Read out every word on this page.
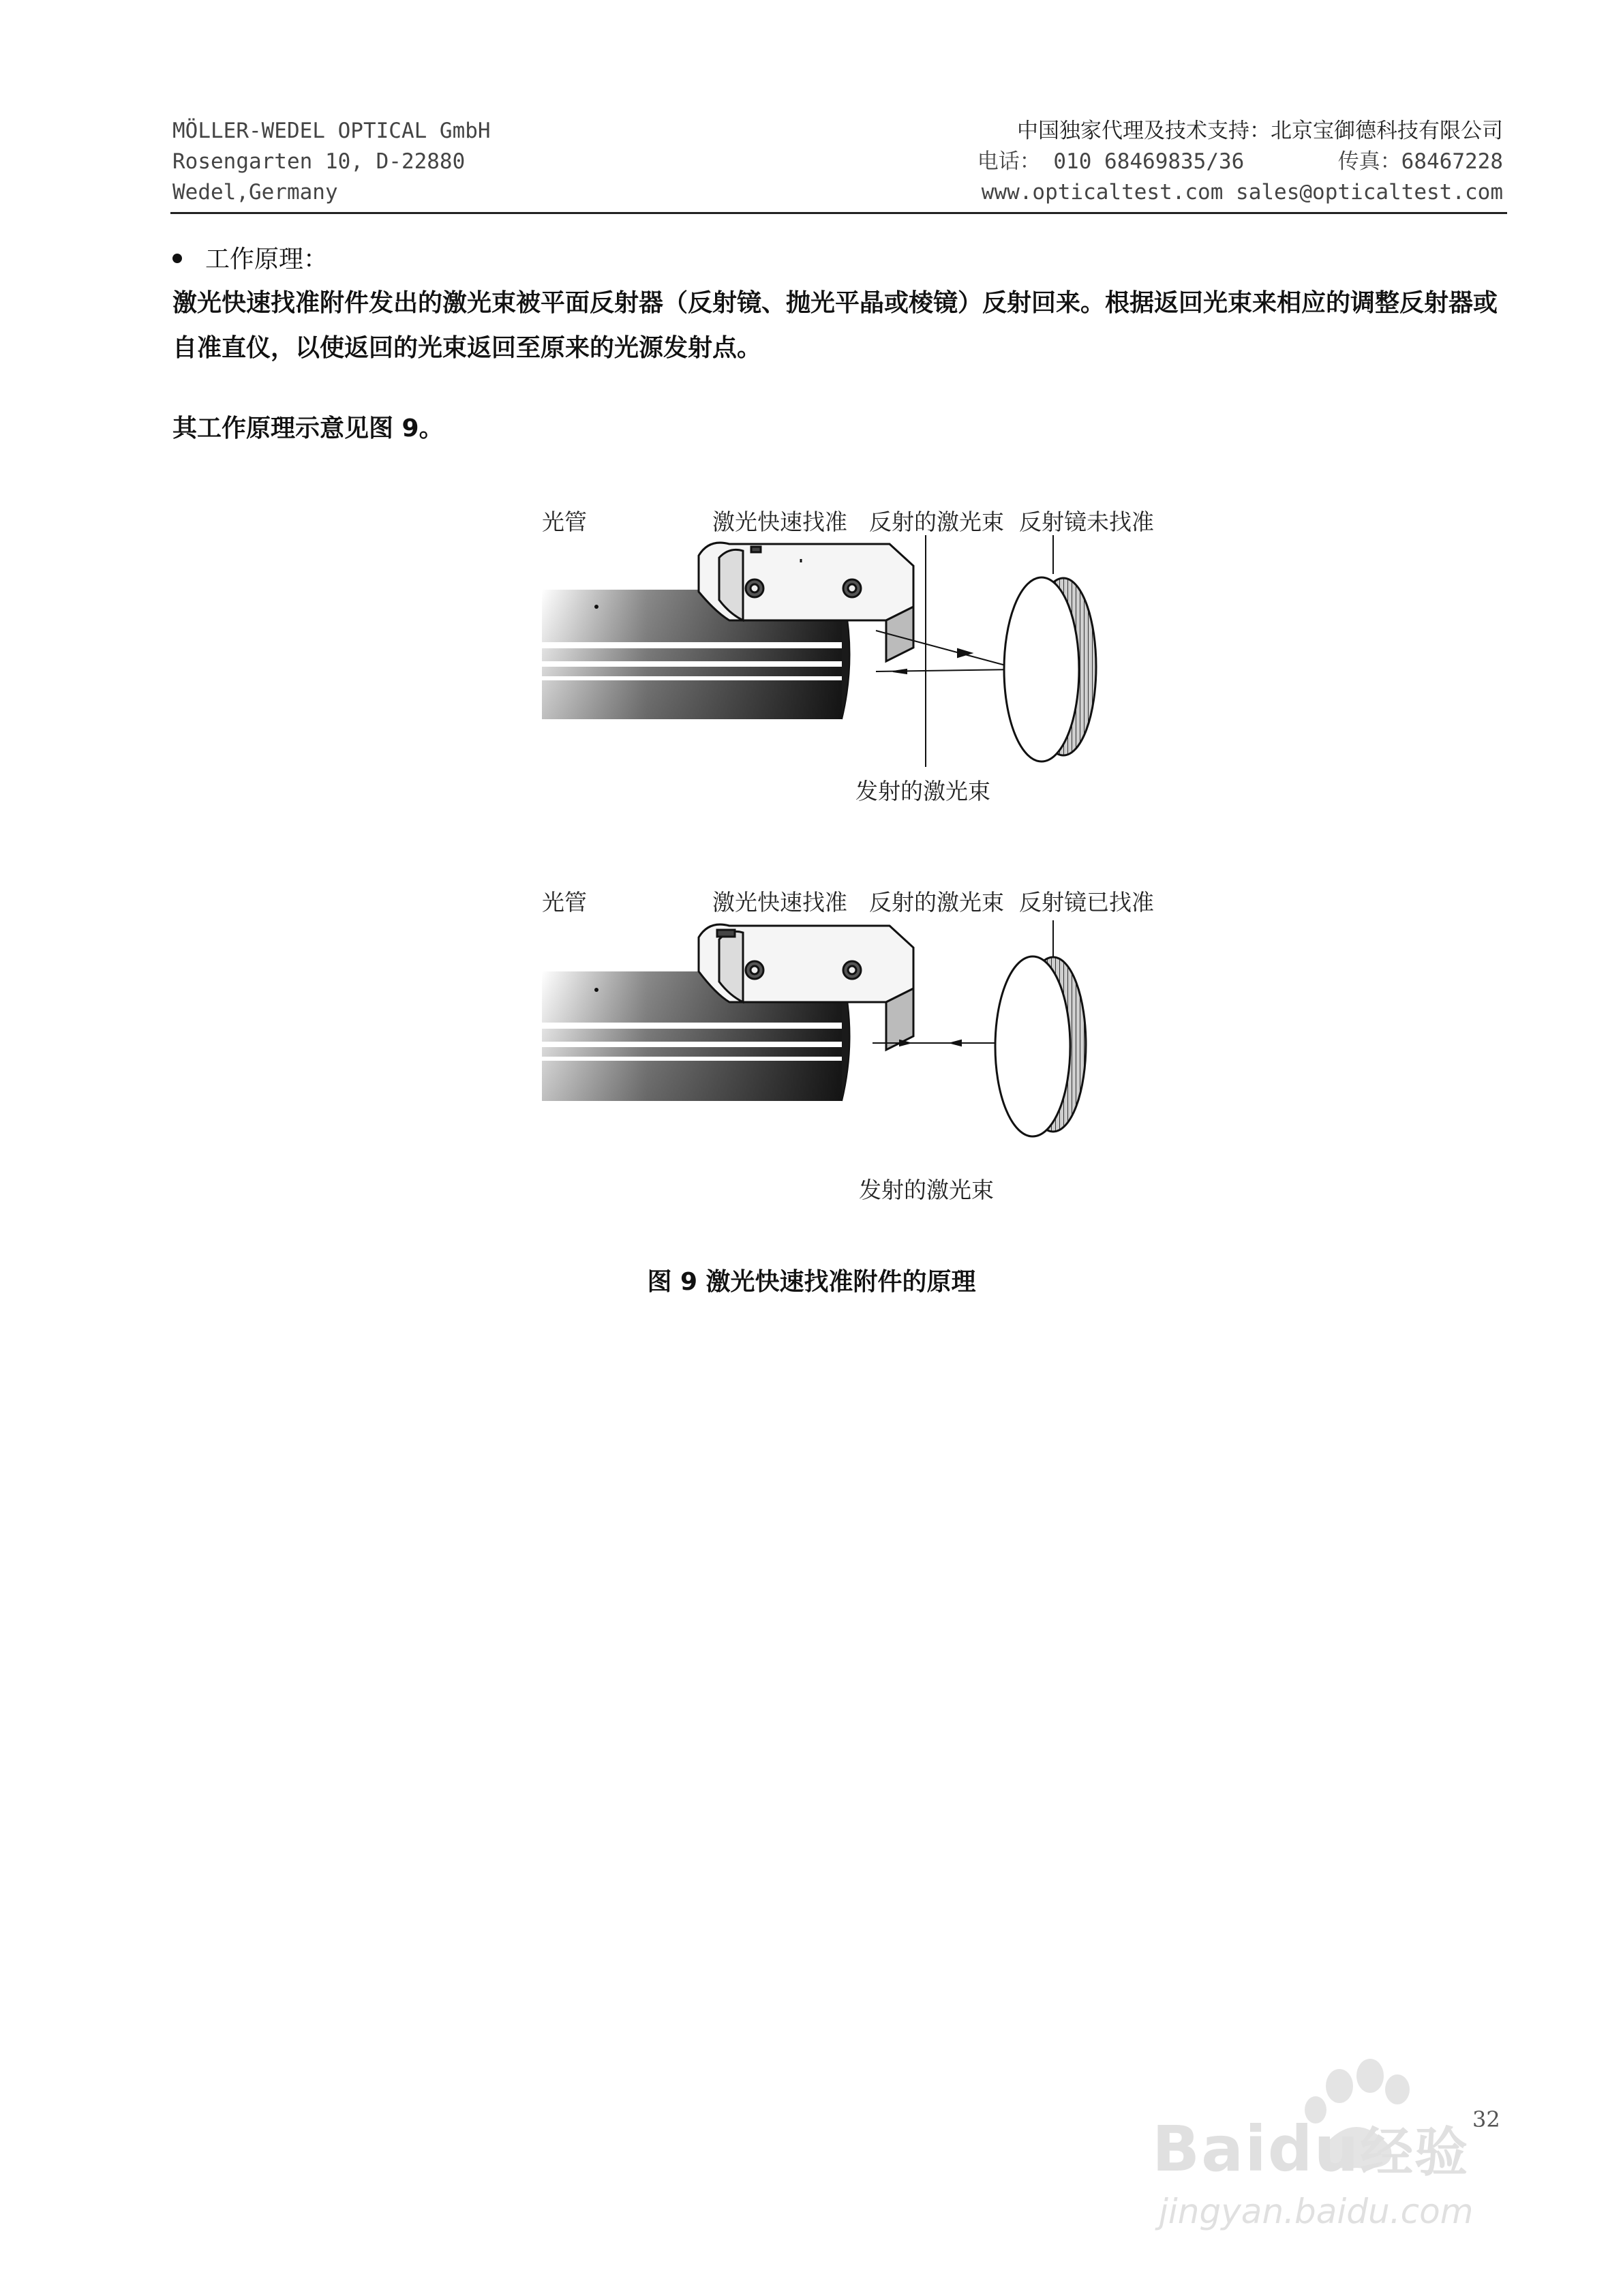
MÖLLER-WEDEL OPTICAL GmbH
Rosengarten 10, D-22880
Wedel,Germany
中国独家代理及技术支持：北京宝御德科技有限公司
电话： 010 68469835/36	传真：68467228
www.opticaltest.com sales@opticaltest.com
工作原理：
激光快速找准附件发出的激光束被平面反射器（反射镜、抛光平晶或棱镜）反射回来。根据返回光束来相应的调整反射器或
自准直仪，以使返回的光束返回至原来的光源发射点。
其工作原理示意见图 9。
光管	激光快速找准 反射的激光束 反射镜未找准
发射的激光束
光管	激光快速找准 反射的激光束 反射镜已找准
发射的激光束
图 9 激光快速找准附件的原理
Baidu经验
jingyan.baidu.com
32
